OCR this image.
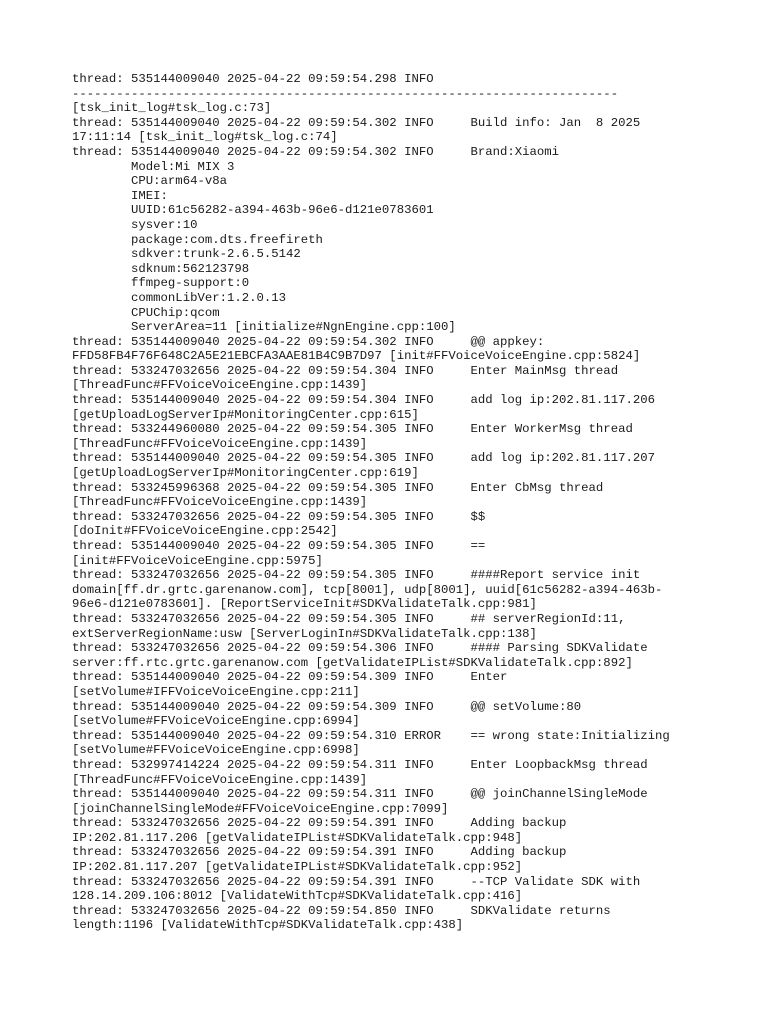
thread: 535144009040 2025-04-22 09:59:54.298 INFO
--------------------------------------------------------------------------
[tsk_init_log#tsk_log.c:73]
thread: 535144009040 2025-04-22 09:59:54.302 INFO     Build info: Jan  8 2025
17:11:14 [tsk_init_log#tsk_log.c:74]
thread: 535144009040 2025-04-22 09:59:54.302 INFO     Brand:Xiaomi
Model:Mi MIX 3
CPU:arm64-v8a
IMEI:
UUID:61c56282-a394-463b-96e6-d121e0783601
sysver:10
package:com.dts.freefireth
sdkver:trunk-2.6.5.5142
sdknum:562123798
ffmpeg-support:0
commonLibVer:1.2.0.13
CPUChip:qcom
ServerArea=11 [initialize#NgnEngine.cpp:100]
thread: 535144009040 2025-04-22 09:59:54.302 INFO     @@ appkey:
FFD58FB4F76F648C2A5E21EBCFA3AAE81B4C9B7D97 [init#FFVoiceVoiceEngine.cpp:5824]
thread: 533247032656 2025-04-22 09:59:54.304 INFO     Enter MainMsg thread
[ThreadFunc#FFVoiceVoiceEngine.cpp:1439]
thread: 535144009040 2025-04-22 09:59:54.304 INFO     add log ip:202.81.117.206
[getUploadLogServerIp#MonitoringCenter.cpp:615]
thread: 533244960080 2025-04-22 09:59:54.305 INFO     Enter WorkerMsg thread
[ThreadFunc#FFVoiceVoiceEngine.cpp:1439]
thread: 535144009040 2025-04-22 09:59:54.305 INFO     add log ip:202.81.117.207
[getUploadLogServerIp#MonitoringCenter.cpp:619]
thread: 533245996368 2025-04-22 09:59:54.305 INFO     Enter CbMsg thread
[ThreadFunc#FFVoiceVoiceEngine.cpp:1439]
thread: 533247032656 2025-04-22 09:59:54.305 INFO     $$
[doInit#FFVoiceVoiceEngine.cpp:2542]
thread: 535144009040 2025-04-22 09:59:54.305 INFO     ==
[init#FFVoiceVoiceEngine.cpp:5975]
thread: 533247032656 2025-04-22 09:59:54.305 INFO     ####Report service init
domain[ff.dr.grtc.garenanow.com], tcp[8001], udp[8001], uuid[61c56282-a394-463b-
96e6-d121e0783601]. [ReportServiceInit#SDKValidateTalk.cpp:981]
thread: 533247032656 2025-04-22 09:59:54.305 INFO     ## serverRegionId:11,
extServerRegionName:usw [ServerLoginIn#SDKValidateTalk.cpp:138]
thread: 533247032656 2025-04-22 09:59:54.306 INFO     #### Parsing SDKValidate
server:ff.rtc.grtc.garenanow.com [getValidateIPList#SDKValidateTalk.cpp:892]
thread: 535144009040 2025-04-22 09:59:54.309 INFO     Enter
[setVolume#IFFVoiceVoiceEngine.cpp:211]
thread: 535144009040 2025-04-22 09:59:54.309 INFO     @@ setVolume:80
[setVolume#FFVoiceVoiceEngine.cpp:6994]
thread: 535144009040 2025-04-22 09:59:54.310 ERROR    == wrong state:Initializing
[setVolume#FFVoiceVoiceEngine.cpp:6998]
thread: 532997414224 2025-04-22 09:59:54.311 INFO     Enter LoopbackMsg thread
[ThreadFunc#FFVoiceVoiceEngine.cpp:1439]
thread: 535144009040 2025-04-22 09:59:54.311 INFO     @@ joinChannelSingleMode
[joinChannelSingleMode#FFVoiceVoiceEngine.cpp:7099]
thread: 533247032656 2025-04-22 09:59:54.391 INFO     Adding backup
IP:202.81.117.206 [getValidateIPList#SDKValidateTalk.cpp:948]
thread: 533247032656 2025-04-22 09:59:54.391 INFO     Adding backup
IP:202.81.117.207 [getValidateIPList#SDKValidateTalk.cpp:952]
thread: 533247032656 2025-04-22 09:59:54.391 INFO     --TCP Validate SDK with
128.14.209.106:8012 [ValidateWithTcp#SDKValidateTalk.cpp:416]
thread: 533247032656 2025-04-22 09:59:54.850 INFO     SDKValidate returns
length:1196 [ValidateWithTcp#SDKValidateTalk.cpp:438]
